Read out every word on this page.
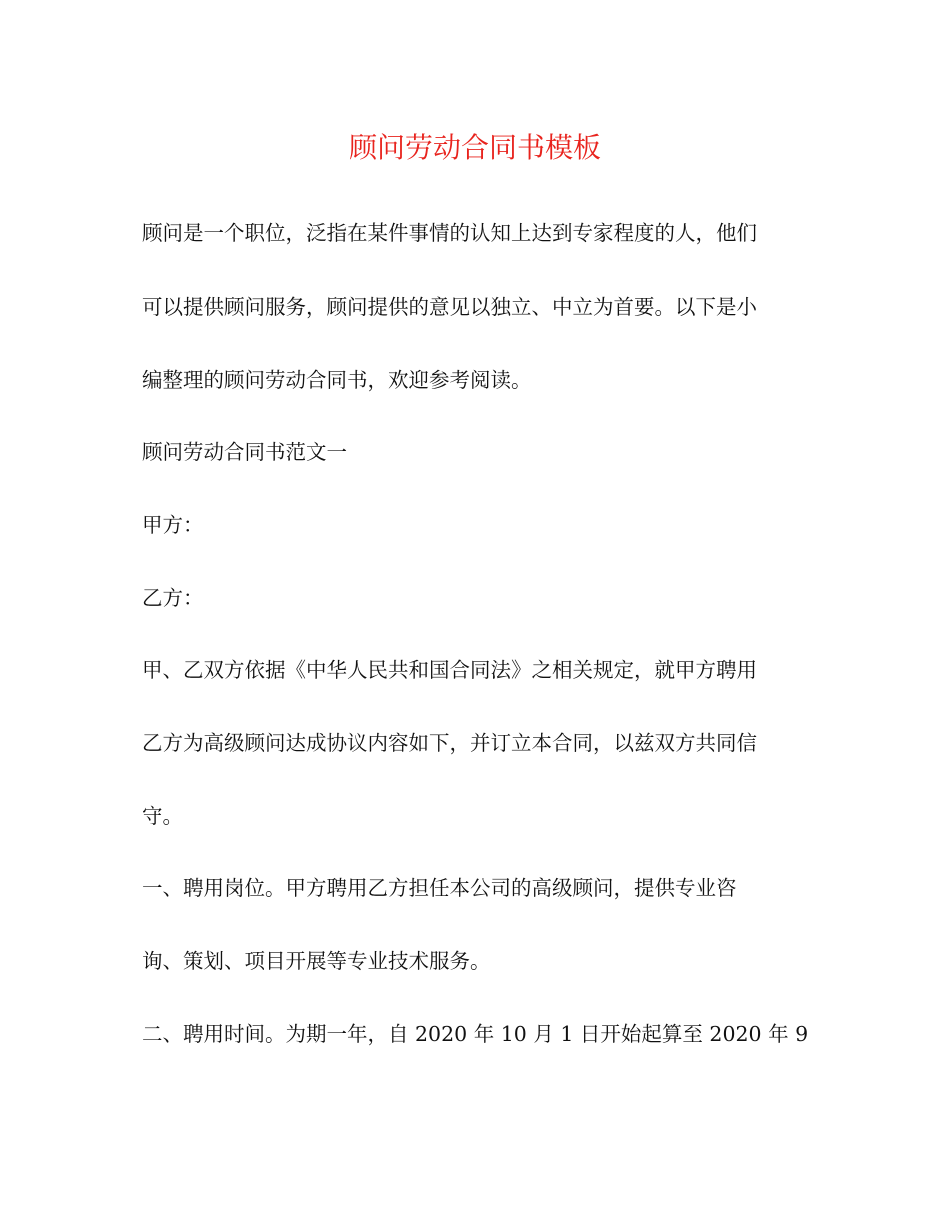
顾问劳动合同书模板
顾问是一个职位，泛指在某件事情的认知上达到专家程度的人，他们
可以提供顾问服务，顾问提供的意见以独立、中立为首要。以下是小
编整理的顾问劳动合同书，欢迎参考阅读。
顾问劳动合同书范文一
甲方：
乙方：
甲、乙双方依据《中华人民共和国合同法》之相关规定，就甲方聘用
乙方为高级顾问达成协议内容如下，并订立本合同，以兹双方共同信
守。
一、聘用岗位。甲方聘用乙方担任本公司的高级顾问，提供专业咨
询、策划、项目开展等专业技术服务。
二、聘用时间。为期一年，自 2020 年 10 月 1 日开始起算至 2020 年 9
